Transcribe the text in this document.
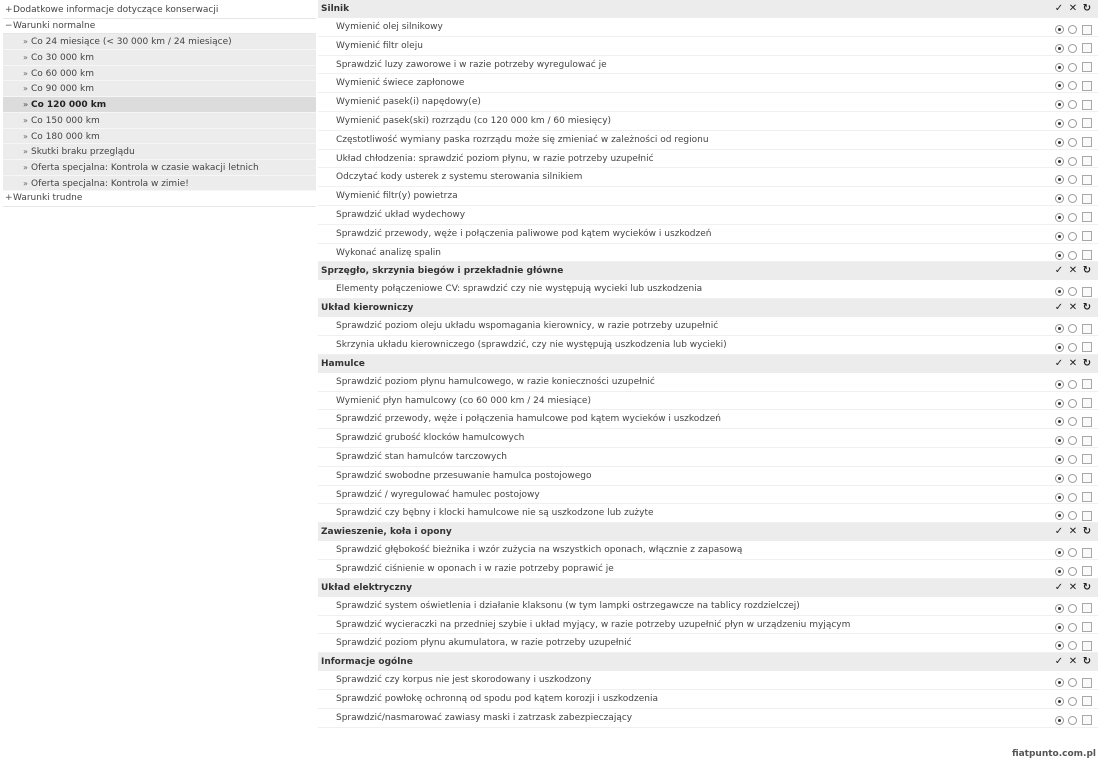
+Dodatkowe informacje dotyczące konserwacji
−Warunki normalne
» Co 24 miesiące (< 30 000 km / 24 miesiące)
» Co 30 000 km
» Co 60 000 km
» Co 90 000 km
» Co 120 000 km
» Co 150 000 km
» Co 180 000 km
» Skutki braku przeglądu
» Oferta specjalna: Kontrola w czasie wakacji letnich
» Oferta specjalna: Kontrola w zimie!
+Warunki trudne
Silnik	✓ ✕ ↻
Wymienić olej silnikowy
Wymienić filtr oleju
Sprawdzić luzy zaworowe i w razie potrzeby wyregulować je
Wymienić świece zapłonowe
Wymienić pasek(i) napędowy(e)
Wymienić pasek(ski) rozrządu (co 120 000 km / 60 miesięcy)
Częstotliwość wymiany paska rozrządu może się zmieniać w zależności od regionu
Układ chłodzenia: sprawdzić poziom płynu, w razie potrzeby uzupełnić
Odczytać kody usterek z systemu sterowania silnikiem
Wymienić filtr(y) powietrza
Sprawdzić układ wydechowy
Sprawdzić przewody, węże i połączenia paliwowe pod kątem wycieków i uszkodzeń
Wykonać analizę spalin
Sprzęgło, skrzynia biegów i przekładnie główne	✓ ✕ ↻
Elementy połączeniowe CV: sprawdzić czy nie występują wycieki lub uszkodzenia
Układ kierowniczy	✓ ✕ ↻
Sprawdzić poziom oleju układu wspomagania kierownicy, w razie potrzeby uzupełnić
Skrzynia układu kierowniczego (sprawdzić, czy nie występują uszkodzenia lub wycieki)
Hamulce	✓ ✕ ↻
Sprawdzić poziom płynu hamulcowego, w razie konieczności uzupełnić
Wymienić płyn hamulcowy (co 60 000 km / 24 miesiące)
Sprawdzić przewody, węże i połączenia hamulcowe pod kątem wycieków i uszkodzeń
Sprawdzić grubość klocków hamulcowych
Sprawdzić stan hamulców tarczowych
Sprawdzić swobodne przesuwanie hamulca postojowego
Sprawdzić / wyregulować hamulec postojowy
Sprawdzić czy bębny i klocki hamulcowe nie są uszkodzone lub zużyte
Zawieszenie, koła i opony	✓ ✕ ↻
Sprawdzić głębokość bieżnika i wzór zużycia na wszystkich oponach, włącznie z zapasową
Sprawdzić ciśnienie w oponach i w razie potrzeby poprawić je
Układ elektryczny	✓ ✕ ↻
Sprawdzić system oświetlenia i działanie klaksonu (w tym lampki ostrzegawcze na tablicy rozdzielczej)
Sprawdzić wycieraczki na przedniej szybie i układ myjący, w razie potrzeby uzupełnić płyn w urządzeniu myjącym
Sprawdzić poziom płynu akumulatora, w razie potrzeby uzupełnić
Informacje ogólne	✓ ✕ ↻
Sprawdzić czy korpus nie jest skorodowany i uszkodzony
Sprawdzić powłokę ochronną od spodu pod kątem korozji i uszkodzenia
Sprawdzić/nasmarować zawiasy maski i zatrzask zabezpieczający
fiatpunto.com.pl
